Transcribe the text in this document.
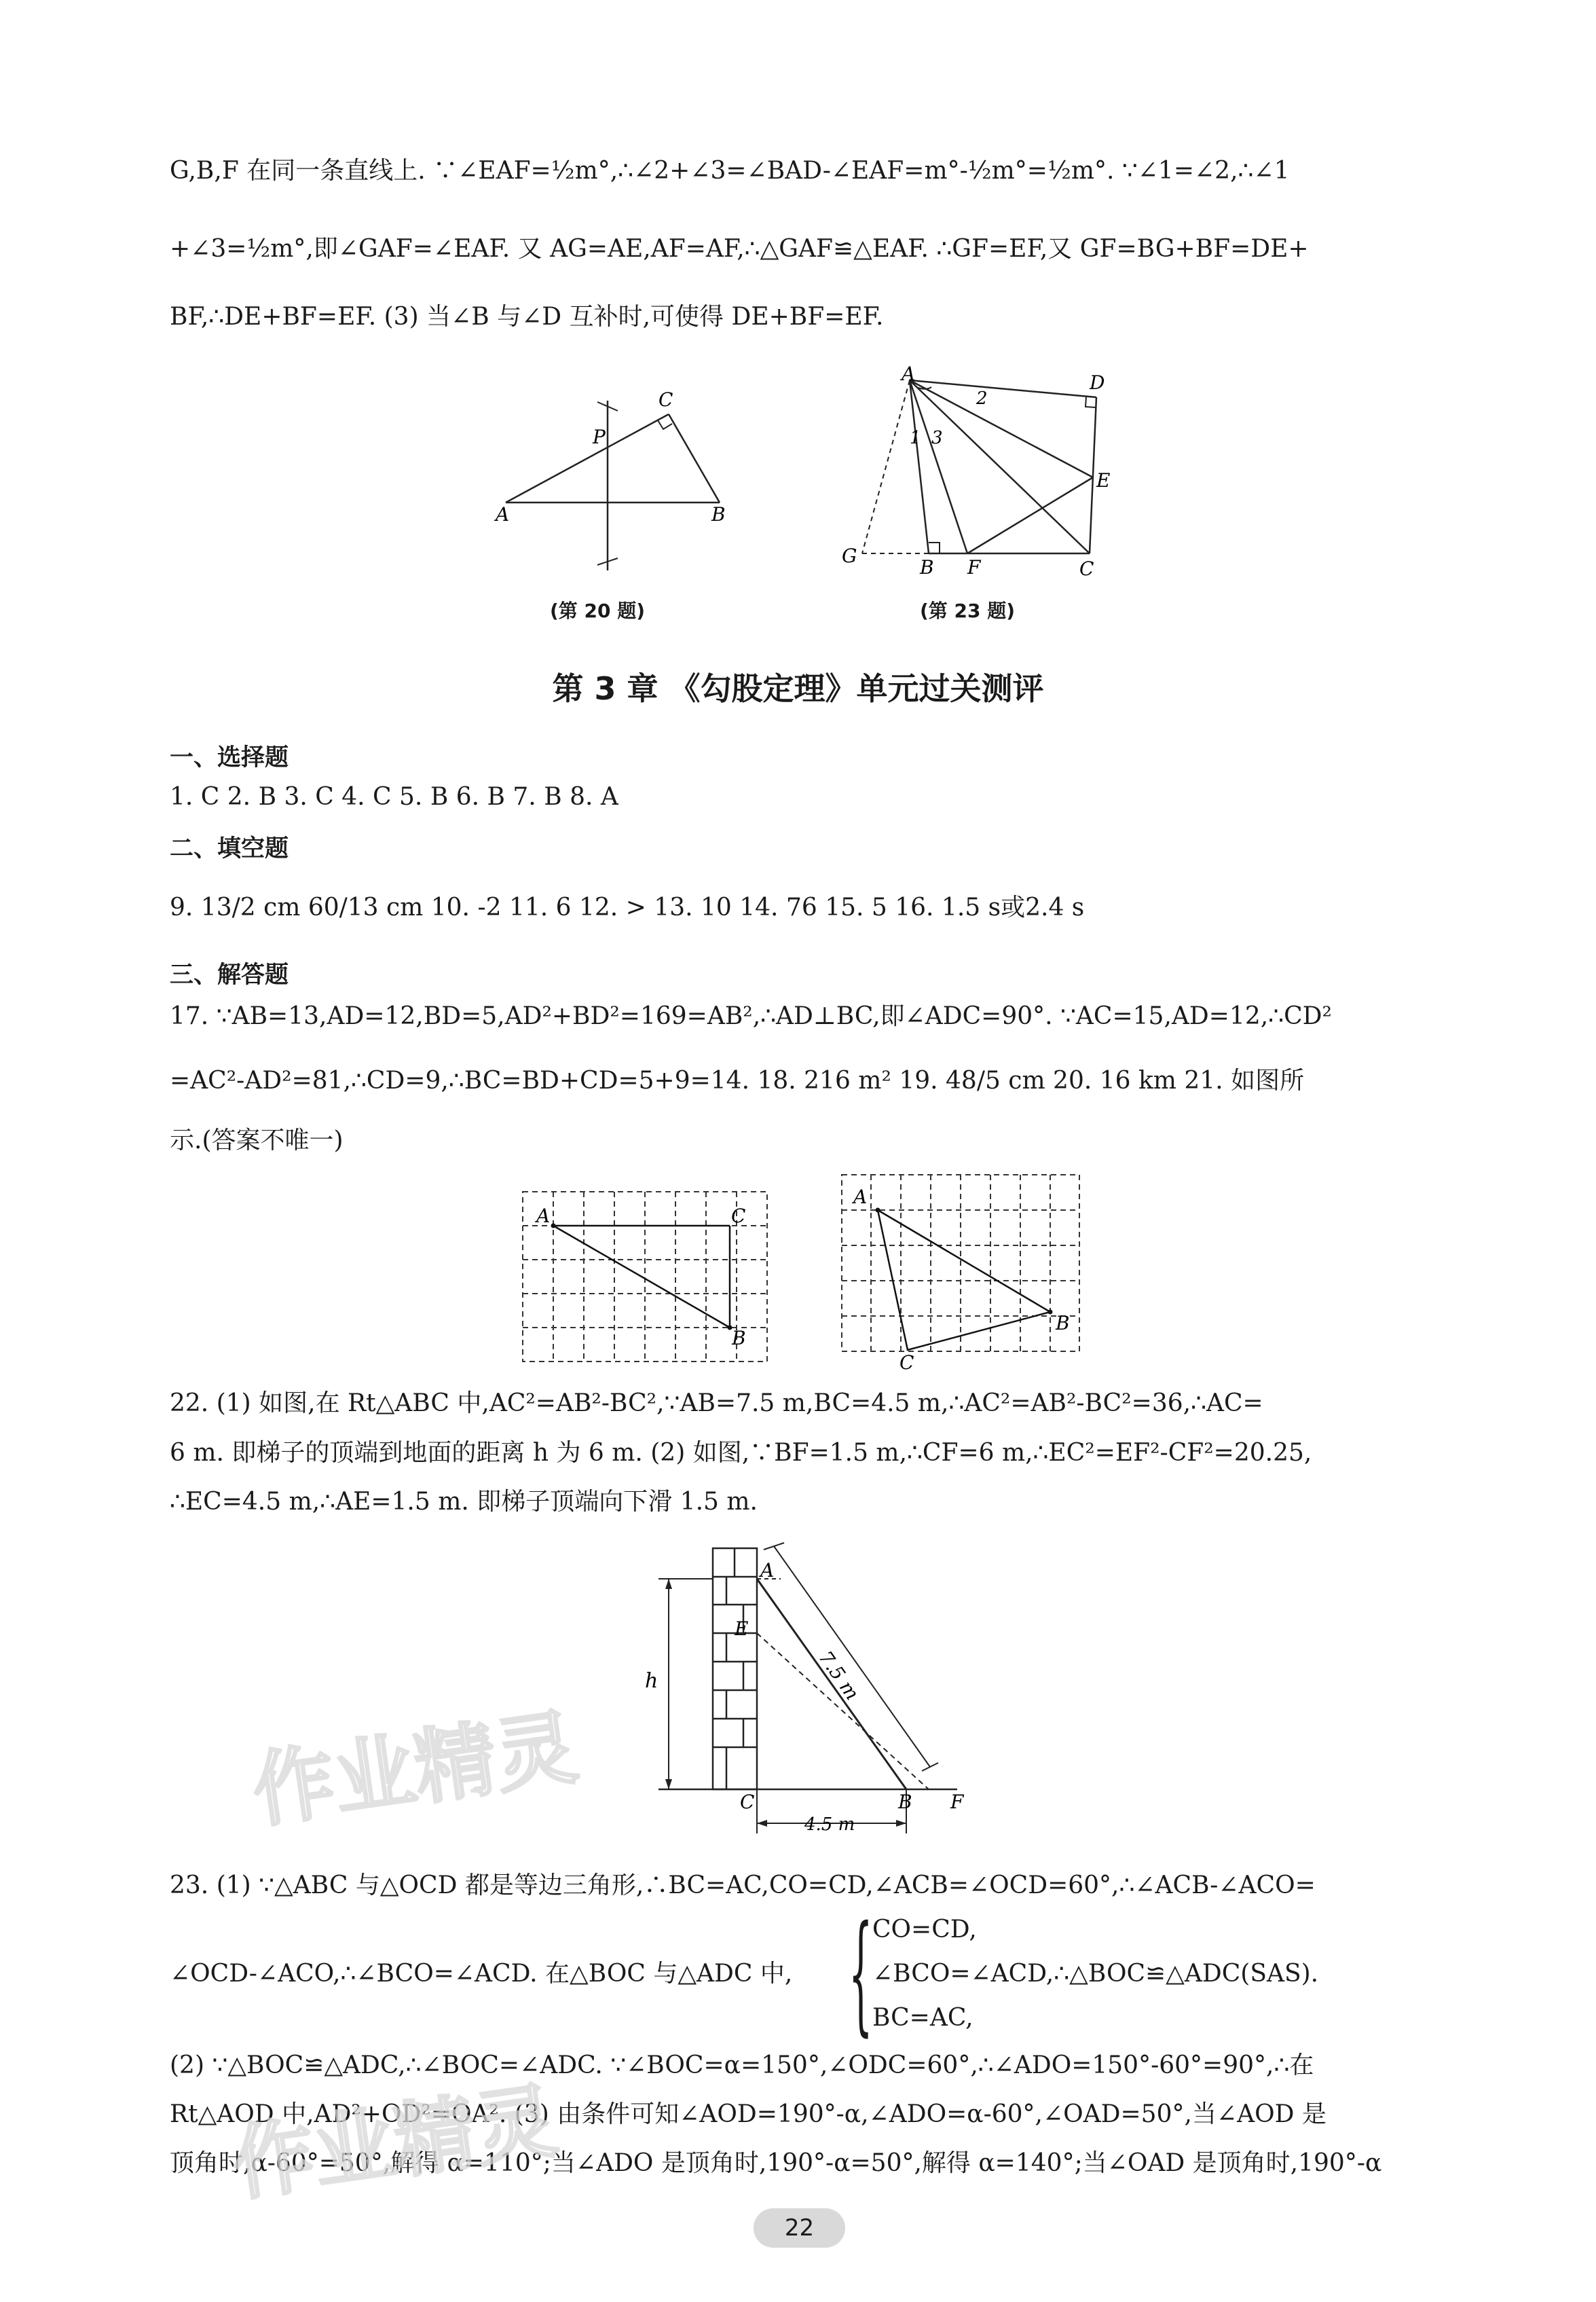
G,B,F 在同一条直线上. ∵∠EAF=½m°,∴∠2+∠3=∠BAD-∠EAF=m°-½m°=½m°. ∵∠1=∠2,∴∠1
+∠3=½m°,即∠GAF=∠EAF. 又 AG=AE,AF=AF,∴△GAF≌△EAF. ∴GF=EF,又 GF=BG+BF=DE+
BF,∴DE+BF=EF. (3) 当∠B 与∠D 互补时,可使得 DE+BF=EF.
A	B
C
P
(第 20 题)
A
B	C
D
E
F
G
1 3
2
(第 23 题)
第 3 章 《勾股定理》单元过关测评
一、选择题
1. C 2. B 3. C 4. C 5. B 6. B 7. B 8. A
二、填空题
9. 13/2 cm 60/13 cm 10. -2 11. 6 12. > 13. 10 14. 76 15. 5 16. 1.5 s或2.4 s
三、解答题
17. ∵AB=13,AD=12,BD=5,AD²+BD²=169=AB²,∴AD⊥BC,即∠ADC=90°. ∵AC=15,AD=12,∴CD²
=AC²-AD²=81,∴CD=9,∴BC=BD+CD=5+9=14. 18. 216 m² 19. 48/5 cm 20. 16 km 21. 如图所
示.(答案不唯一)
A
B
C
A
B
C
22. (1) 如图,在 Rt△ABC 中,AC²=AB²-BC²,∵AB=7.5 m,BC=4.5 m,∴AC²=AB²-BC²=36,∴AC=
6 m. 即梯子的顶端到地面的距离 h 为 6 m. (2) 如图,∵BF=1.5 m,∴CF=6 m,∴EC²=EF²-CF²=20.25,
∴EC=4.5 m,∴AE=1.5 m. 即梯子顶端向下滑 1.5 m.
A
B
C
E
F
h	7.5 m
4.5 m
23. (1) ∵△ABC 与△OCD 都是等边三角形,∴BC=AC,CO=CD,∠ACB=∠OCD=60°,∴∠ACB-∠ACO=
∠OCD-∠ACO,∴∠BCO=∠ACD. 在△BOC 与△ADC 中,	{ CO=CD,
∠BCO=∠ACD,∴△BOC≌△ADC(SAS).
BC=AC,
(2) ∵△BOC≌△ADC,∴∠BOC=∠ADC. ∵∠BOC=α=150°,∠ODC=60°,∴∠ADO=150°-60°=90°,∴在
Rt△AOD 中,AD²+OD²=OA². (3) 由条件可知∠AOD=190°-α,∠ADO=α-60°,∠OAD=50°,当∠AOD 是
顶角时,α-60°=50°,解得 α=110°;当∠ADO 是顶角时,190°-α=50°,解得 α=140°;当∠OAD 是顶角时,190°-α
作业精灵
作业精灵
22
